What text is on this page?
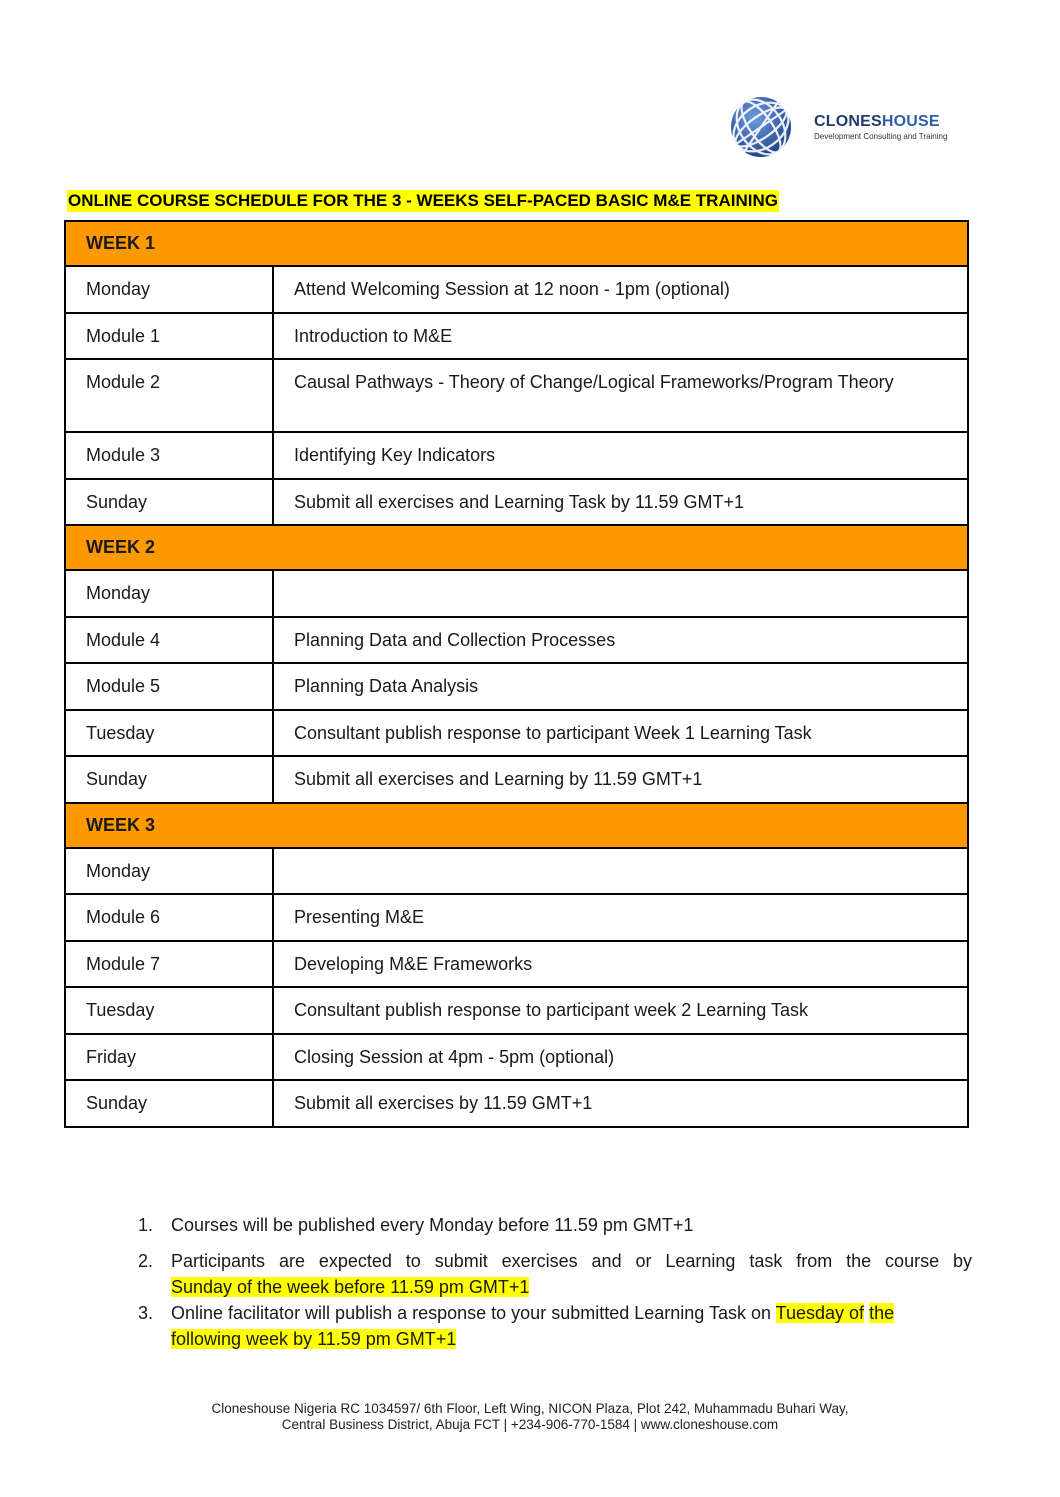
CLONESHOUSE
Development Consulting and Training
ONLINE COURSE SCHEDULE FOR THE 3 - WEEKS SELF-PACED BASIC M&E TRAINING
WEEK 1	
Monday	Attend Welcoming Session at 12 noon - 1pm (optional)
Module 1	Introduction to M&E
Module 2	Causal Pathways - Theory of Change/Logical Frameworks/Program Theory
Module 3	Identifying Key Indicators
Sunday	Submit all exercises and Learning Task by 11.59 GMT+1
WEEK 2	
Monday	
Module 4	Planning Data and Collection Processes
Module 5	Planning Data Analysis
Tuesday	Consultant publish response to participant Week 1 Learning Task
Sunday	Submit all exercises and Learning by 11.59 GMT+1
WEEK 3	
Monday	
Module 6	Presenting M&E
Module 7	Developing M&E Frameworks
Tuesday	Consultant publish response to participant week 2 Learning Task
Friday	Closing Session at 4pm - 5pm (optional)
Sunday	Submit all exercises by 11.59 GMT+1
1. Courses will be published every Monday before 11.59 pm GMT+1
2. Participants are expected to submit exercises and or Learning task from the course by
Sunday of the week before 11.59 pm GMT+1
3. Online facilitator will publish a response to your submitted Learning Task on Tuesday of the
following week by 11.59 pm GMT+1
Cloneshouse Nigeria RC 1034597/ 6th Floor, Left Wing, NICON Plaza, Plot 242, Muhammadu Buhari Way,
Central Business District, Abuja FCT | +234-906-770-1584 | www.cloneshouse.com
